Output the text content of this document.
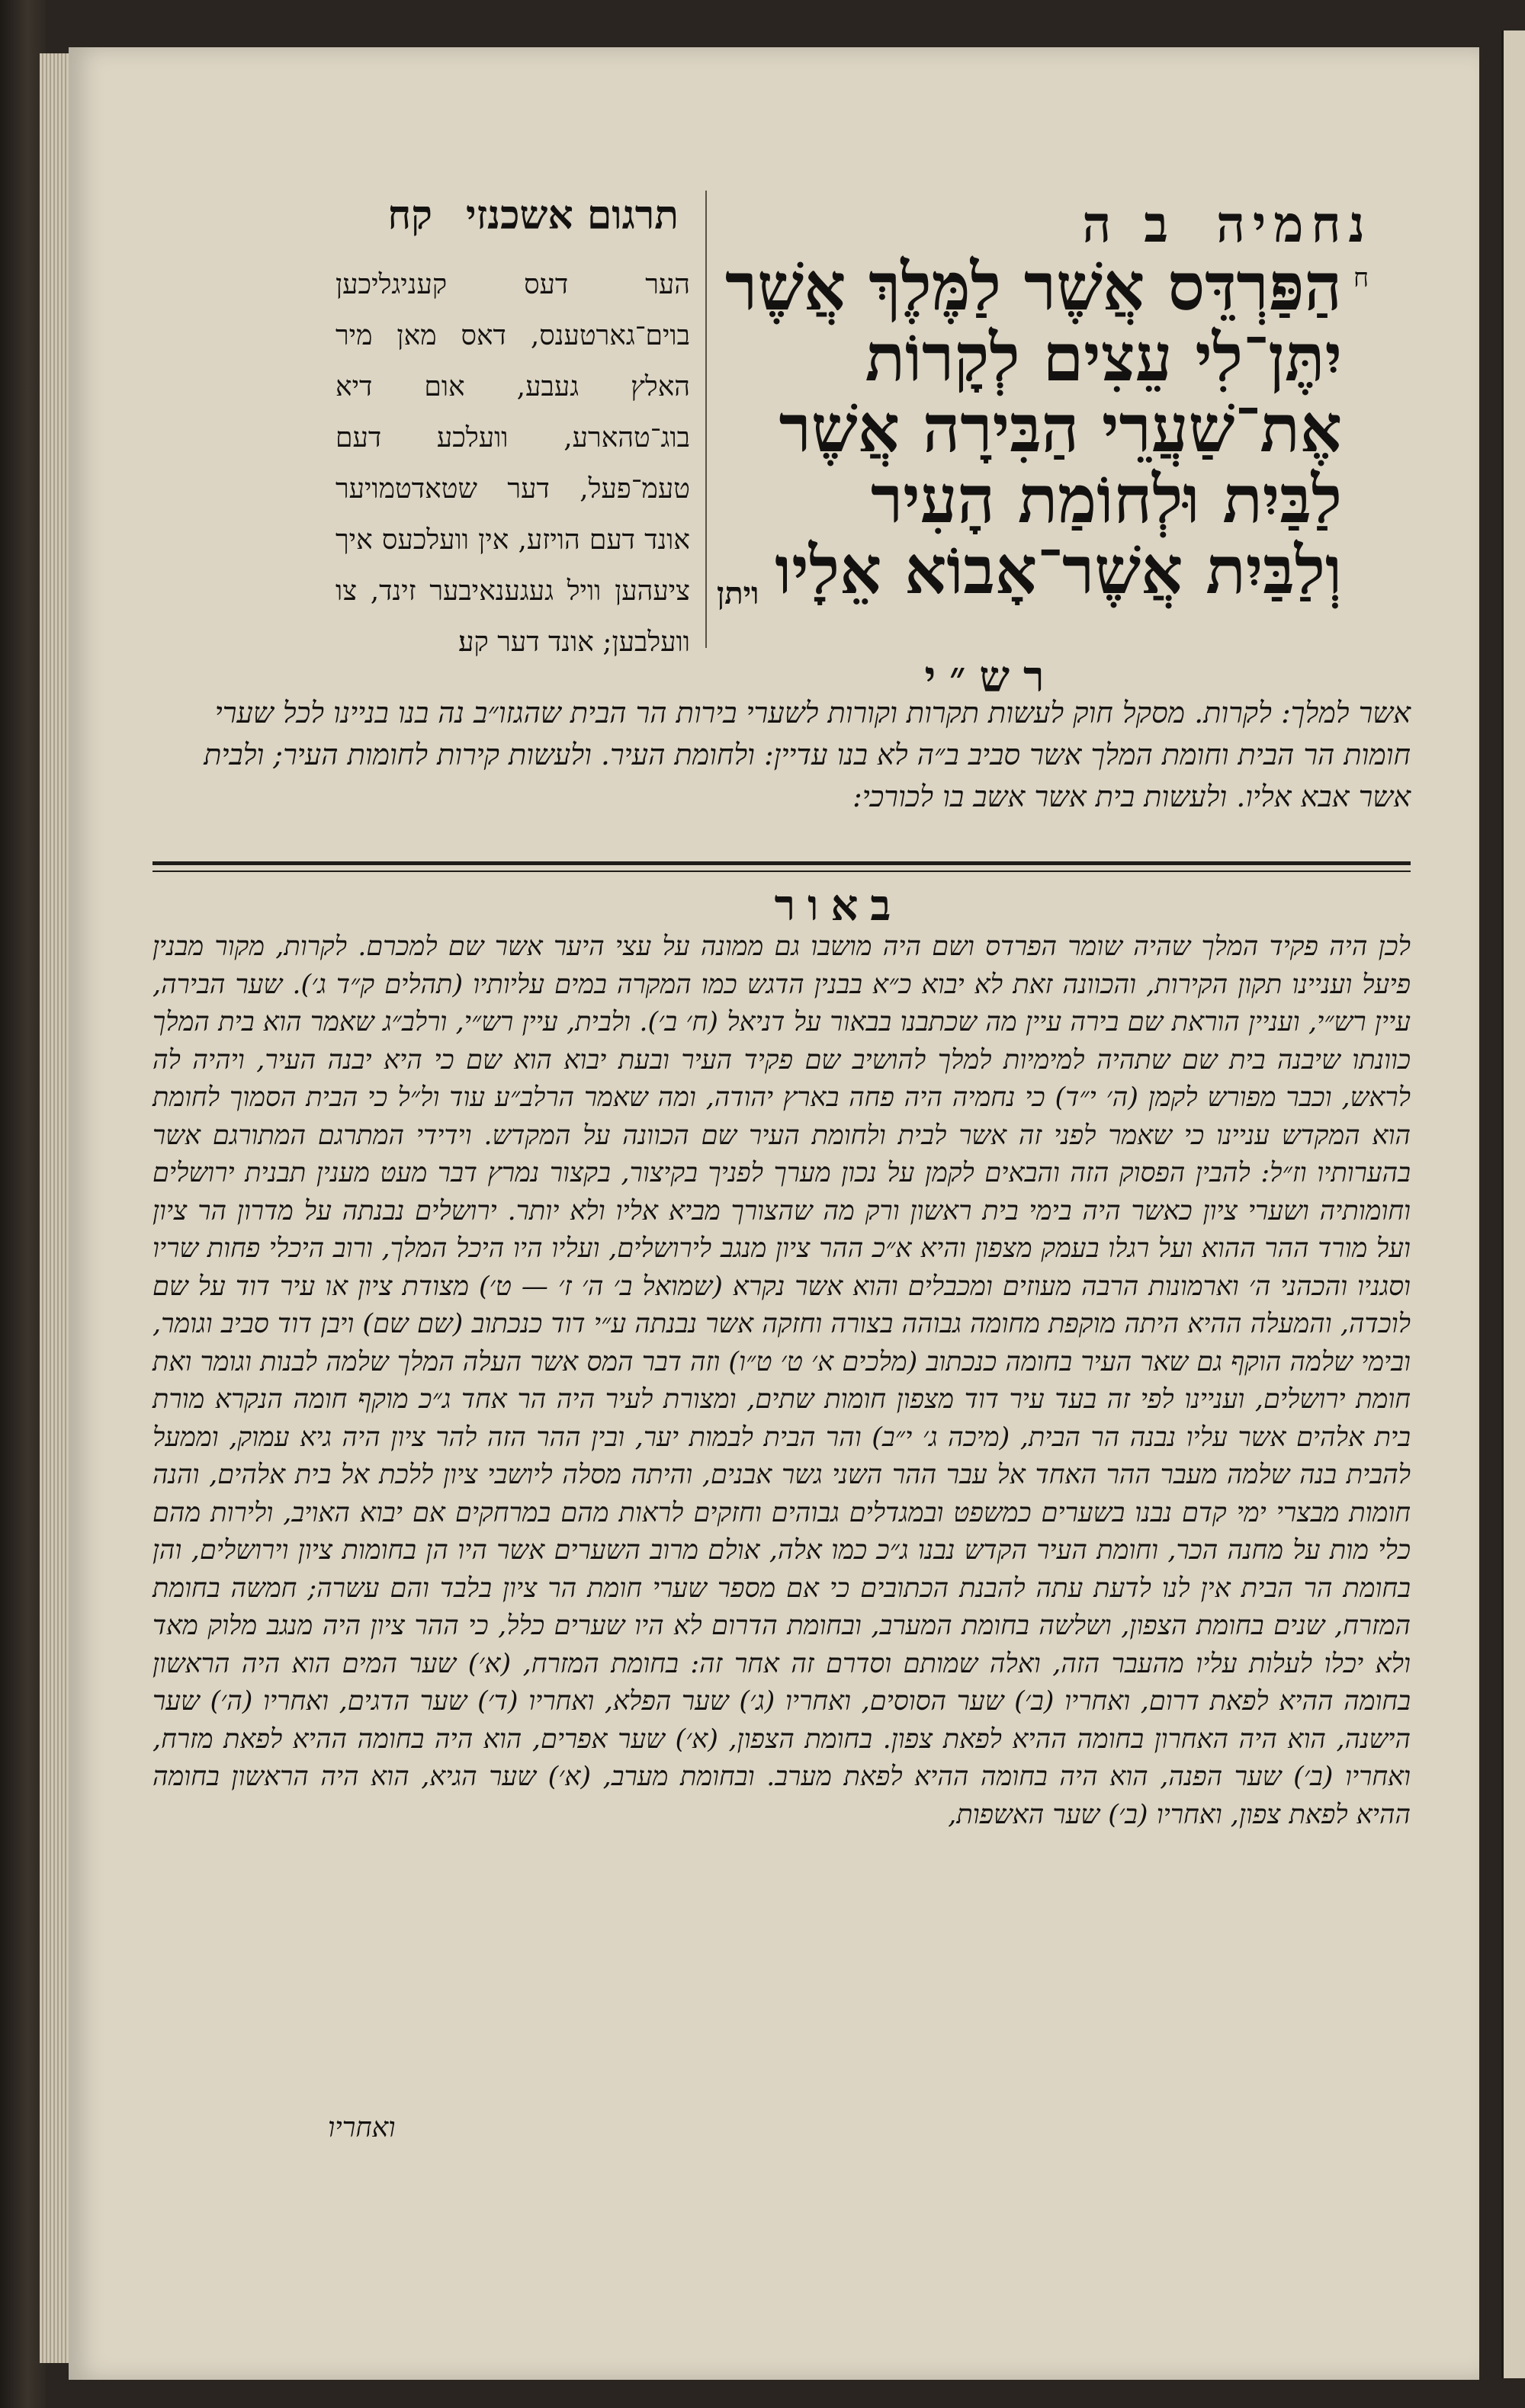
נחמיה ב ה
תרגום אשכנזי קח
הער דעס קעניגליכען בוים־גארטענס, דאס מאן מיר האלץ געבע, אום דיא בוג־טהארע, וועלכע דעם טעמ־פעל, דער שטאדטמויער אונד דעם הויזע, אין וועלכעס איך ציעהען וויל געגענאיבער זינד, צו וועלבען; אונד דער קע׃
ח
הַפַּרְדֵּס אֲשֶׁר לַמֶּלֶךְ אֲשֶׁר יִתֶּן־לִי עֵצִים לְקָרוֹת אֶת־שַׁעֲרֵי הַבִּירָה אֲשֶׁר לַבַּיִת וּלְחוֹמַת הָעִיר וְלַבַּיִת אֲשֶׁר־אָבוֹא אֵלָיו
ויתן
רש״י
אשר למלך: לקרות. מסקל חוק לעשות תקרות וקורות לשערי בירות הר הבית שהגזו״ב נה בנו בניינו לכל שערי חומות הר הבית וחומת המלך אשר סביב ב״ה לא בנו עדיין: ולחומת העיר. ולעשות קירות לחומות העיר; ולבית אשר אבא אליו. ולעשות בית אשר אשב בו לכורכי:
באור
לכן היה פקיד המלך שהיה שומר הפרדס ושם היה מושבו גם ממונה על עצי היער אשר שם למכרם. לקרות, מקור מבנין פיעל ועניינו תקון הקירות, והכוונה זאת לא יבוא כ״א בבנין הדגש כמו המקרה במים עליותיו (תהלים ק״ד ג׳). שער הבירה, עיין רש״י, ועניין הוראת שם בירה עיין מה שכתבנו בבאור על דניאל (ח׳ ב׳). ולבית, עיין רש״י, ורלב״ג שאמר הוא בית המלך כוונתו שיבנה בית שם שתהיה למימיות למלך להושיב שם פקיד העיר ובעת יבוא הוא שם כי היא יבנה העיר, ויהיה לה לראש, וכבר מפורש לקמן (ה׳ י״ד) כי נחמיה היה פחה בארץ יהודה, ומה שאמר הרלב״ע עוד ול״ל כי הבית הסמוך לחומת הוא המקדש עניינו כי שאמר לפני זה אשר לבית ולחומת העיר שם הכוונה על המקדש. וידידי המתרגם המתורגם אשר בהערותיו וז״ל: להבין הפסוק הזה והבאים לקמן על נכון מערך לפניך בקיצור, בקצור נמרץ דבר מעט מענין תבנית ירושלים וחומותיה ושערי ציון כאשר היה בימי בית ראשון ורק מה שהצורך מביא אליו ולא יותר. ירושלים נבנתה על מדרון הר ציון ועל מורד ההר ההוא ועל רגלו בעמק מצפון והיא א״כ ההר ציון מנגב לירושלים, ועליו היו היכל המלך, ורוב היכלי פחות שריו וסגניו והכהני ה׳ וארמונות הרבה מעוזים ומכבלים והוא אשר נקרא (שמואל ב׳ ה׳ ז׳ — ט׳) מצודת ציון או עיר דוד על שם לוכדה, והמעלה ההיא היתה מוקפת מחומה גבוהה בצורה וחזקה אשר נבנתה ע״י דוד כנכתוב (שם שם) ויבן דוד סביב וגומר, ובימי שלמה הוקף גם שאר העיר בחומה כנכתוב (מלכים א׳ ט׳ ט״ו) וזה דבר המס אשר העלה המלך שלמה לבנות וגומר ואת חומת ירושלים, ועניינו לפי זה בעד עיר דוד מצפון חומות שתים, ומצורת לעיר היה הר אחד ג״כ מוקף חומה הנקרא מורת בית אלהים אשר עליו נבנה הר הבית, (מיכה ג׳ י״ב) והר הבית לבמות יער, ובין ההר הזה להר ציון היה גיא עמוק, וממעל להבית בנה שלמה מעבר ההר האחד אל עבר ההר השני גשר אבנים, והיתה מסלה ליושבי ציון ללכת אל בית אלהים, והנה חומות מבצרי ימי קדם נבנו בשערים כמשפט ובמגדלים גבוהים וחזקים לראות מהם במרחקים אם יבוא האויב, ולירות מהם כלי מות על מחנה הכר, וחומת העיר הקדש נבנו ג״כ כמו אלה, אולם מרוב השערים אשר היו הן בחומות ציון וירושלים, והן בחומת הר הבית אין לנו לדעת עתה להבנת הכתובים כי אם מספר שערי חומת הר ציון בלבד והם עשרה; חמשה בחומת המזרח, שנים בחומת הצפון, ושלשה בחומת המערב, ובחומת הדרום לא היו שערים כלל, כי ההר ציון היה מנגב מלוק מאד ולא יכלו לעלות עליו מהעבר הזה, ואלה שמותם וסדרם זה אחר זה: בחומת המזרח, (א׳) שער המים הוא היה הראשון בחומה ההיא לפאת דרום, ואחריו (ב׳) שער הסוסים, ואחריו (ג׳) שער הפלא, ואחריו (ד׳) שער הדגים, ואחריו (ה׳) שער הישנה, הוא היה האחרון בחומה ההיא לפאת צפון. בחומת הצפון, (א׳) שער אפרים, הוא היה בחומה ההיא לפאת מזרח, ואחריו (ב׳) שער הפנה, הוא היה בחומה ההיא לפאת מערב. ובחומת מערב, (א׳) שער הגיא, הוא היה הראשון בחומה ההיא לפאת צפון, ואחריו (ב׳) שער האשפות,
ואחריו
